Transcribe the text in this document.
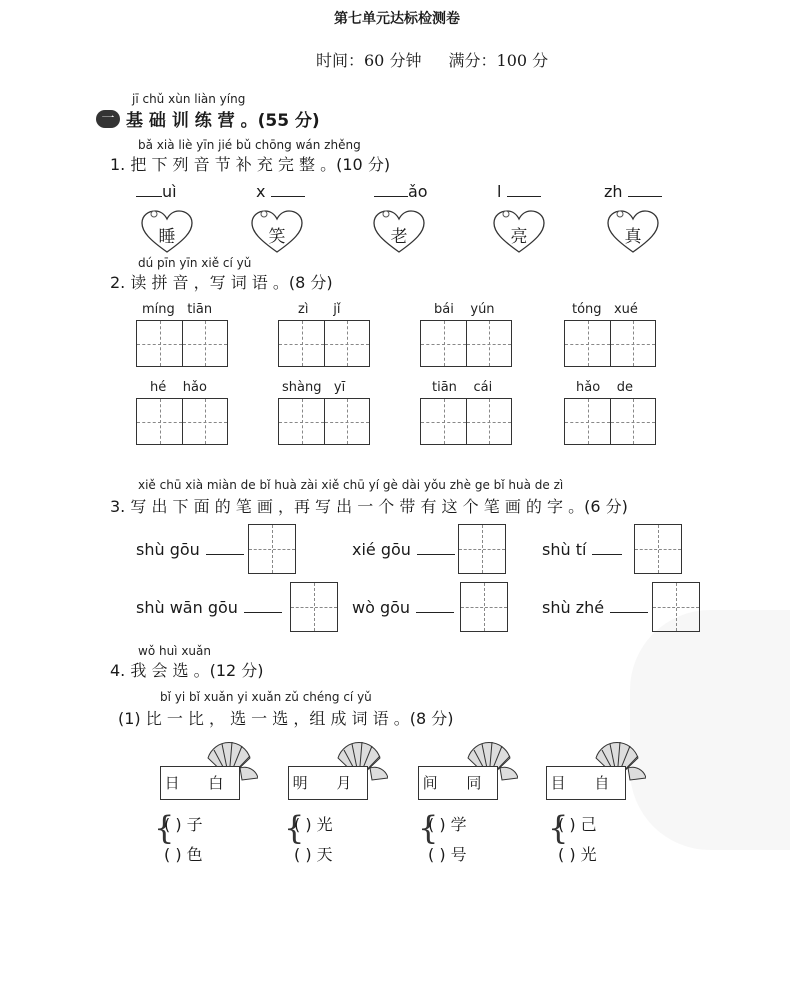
第七单元达标检测卷
时间：60 分钟 满分：100 分
jī chǔ xùn liàn yíng
一 基 础 训 练 营 。(55 分)
bǎ xià liè yīn jié bǔ chōng wán zhěng
1. 把 下 列 音 节 补 充 完 整 。(10 分)
uì	x	ǎo	l	zh
睡	笑	老	亮	真
dú pīn yīn xiě cí yǔ
2. 读 拼 音 ，写 词 语 。(8 分)
míng tiān	zì jǐ	bái yún	tóng xué
hé hǎo	shàng yī	tiān cái	hǎo de
xiě chū xià miàn de bǐ huà zài xiě chū yí gè dài yǒu zhè ge bǐ huà de zì
3. 写 出 下 面 的 笔 画 ，再 写 出 一 个 带 有 这 个 笔 画 的 字 。(6 分)
shù gōu	xié gōu	shù tí
shù wān gōu	wò gōu	shù zhé
wǒ huì xuǎn
4. 我 会 选 。(12 分)
bǐ yi bǐ xuǎn yi xuǎn zǔ chéng cí yǔ
(1) 比 一 比 ， 选 一 选 ，组 成 词 语 。(8 分)
日 白	明 月	间 同	目 自
{
( ) 子
( ) 色
{
( ) 光
( ) 天
{
( ) 学
( ) 号
{
( ) 己
( ) 光
